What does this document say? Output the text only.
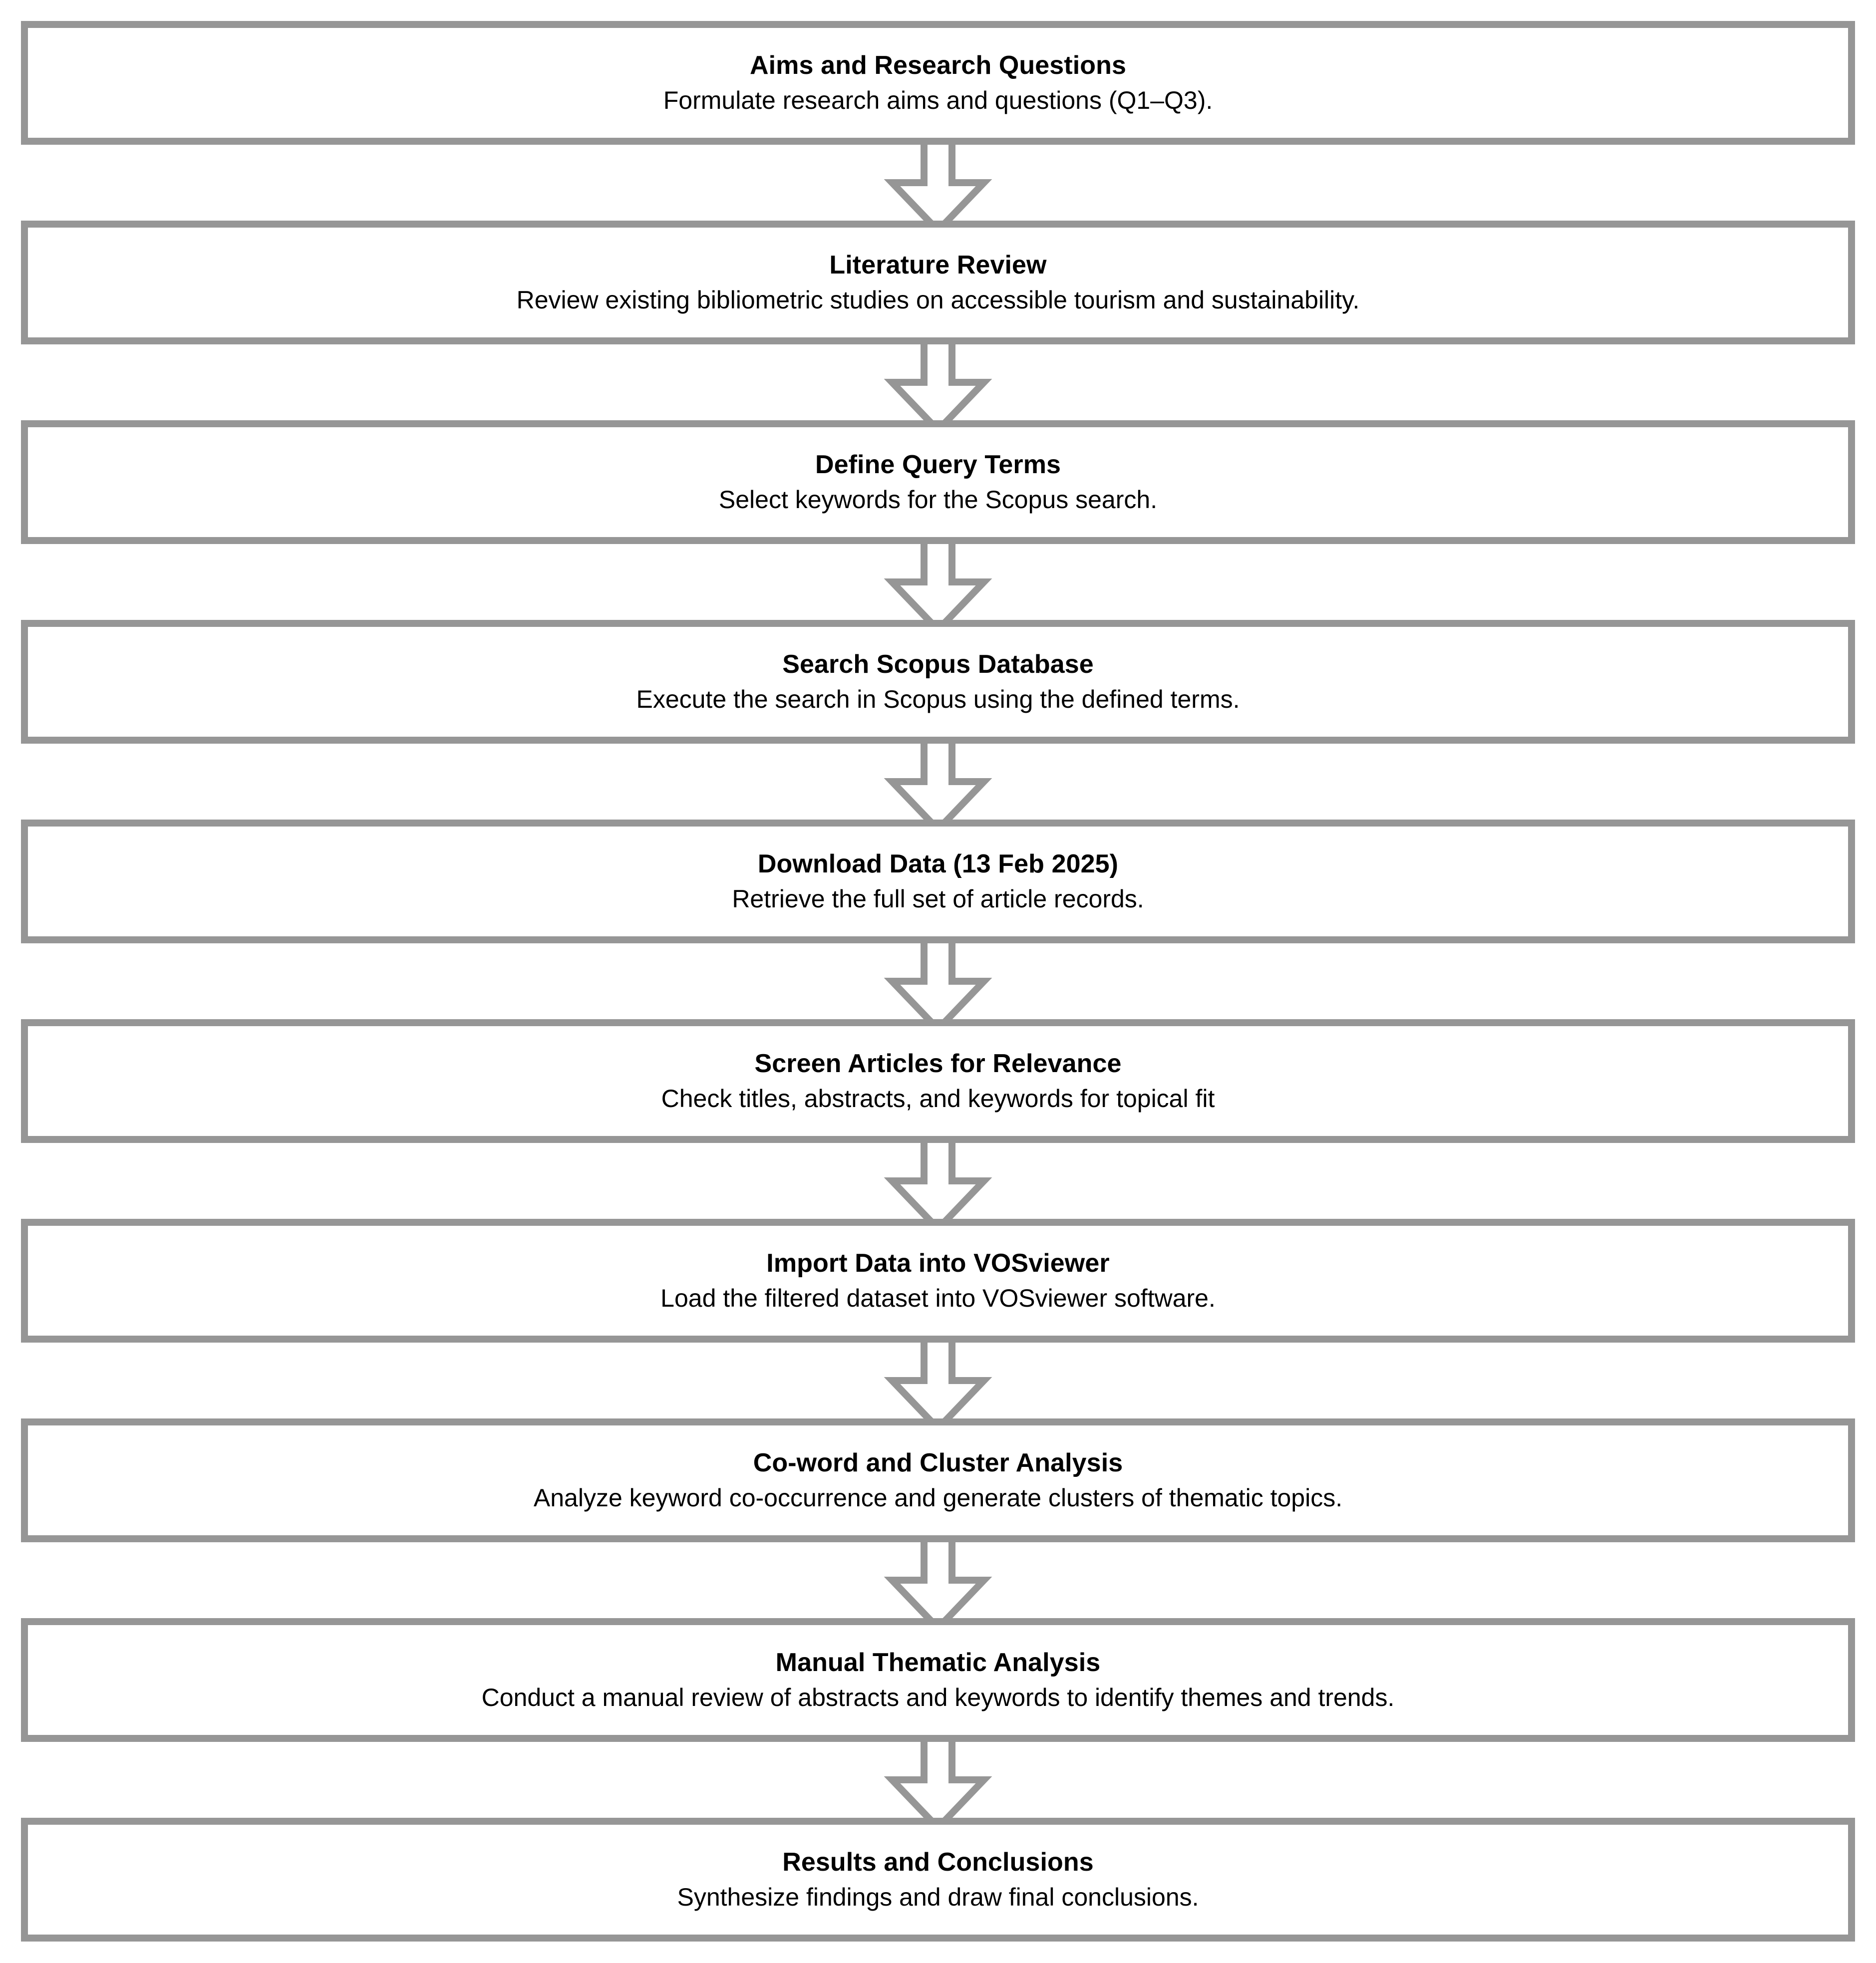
Aims and Research Questions
Formulate research aims and questions (Q1–Q3).
Literature Review
Review existing bibliometric studies on accessible tourism and sustainability.
Define Query Terms
Select keywords for the Scopus search.
Search Scopus Database
Execute the search in Scopus using the defined terms.
Download Data (13 Feb 2025)
Retrieve the full set of article records.
Screen Articles for Relevance
Check titles, abstracts, and keywords for topical fit
Import Data into VOSviewer
Load the filtered dataset into VOSviewer software.
Co-word and Cluster Analysis
Analyze keyword co-occurrence and generate clusters of thematic topics.
Manual Thematic Analysis
Conduct a manual review of abstracts and keywords to identify themes and trends.
Results and Conclusions
Synthesize findings and draw final conclusions.
